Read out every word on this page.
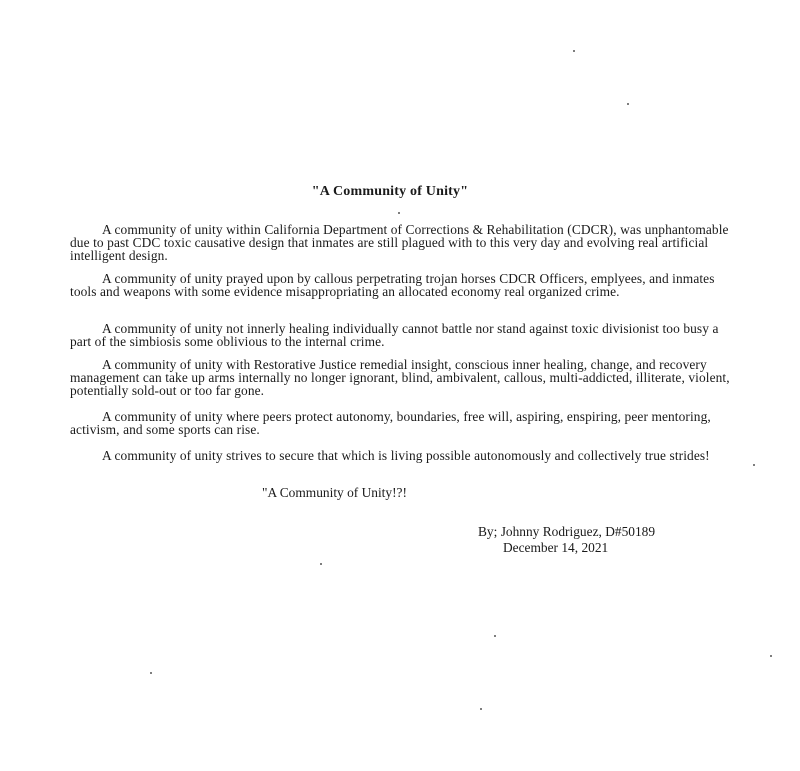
"A Community of Unity"

A community of unity within California Department of Corrections & Rehabilitation (CDCR), was unphantomable due to past CDC toxic causative design that inmates are still plagued with to this very day and evolving real artificial intelligent design.

A community of unity prayed upon by callous perpetrating trojan horses CDCR Officers, emplyees, and inmates tools and weapons with some evidence misappropriating an allocated economy real organized crime.

A community of unity not innerly healing individually cannot battle nor stand against toxic divisionist too busy a part of the simbiosis some oblivious to the internal crime.

A community of unity with Restorative Justice remedial insight, conscious inner healing, change, and recovery management can take up arms internally no longer ignorant, blind, ambivalent, callous, multi-addicted, illiterate, violent, potentially sold-out or too far gone.

A community of unity where peers protect autonomy, boundaries, free will, aspiring, enspiring, peer mentoring, activism, and some sports can rise.

A community of unity strives to secure that which is living possible autonomously and collectively true strides!

"A Community of Unity!?!
By; Johnny Rodriguez, D#50189
December 14, 2021
